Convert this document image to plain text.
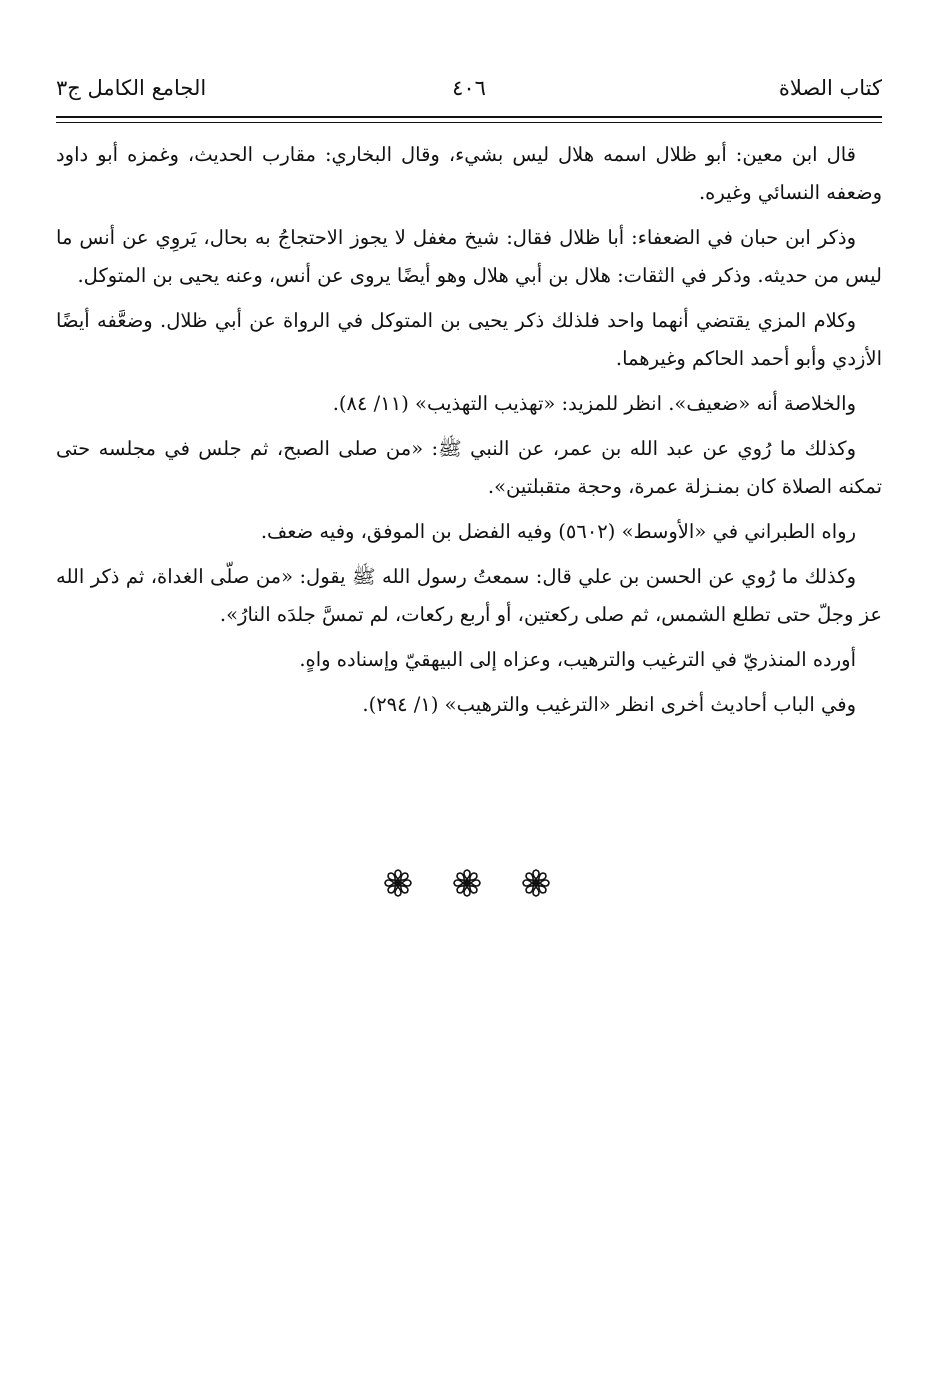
كتاب الصلاة
٤٠٦
الجامع الكامل ج٣

قال ابن معين: أبو ظلال اسمه هلال ليس بشيء، وقال البخاري: مقارب الحديث، وغمزه أبو داود وضعفه النسائي وغيره.

وذكر ابن حبان في الضعفاء: أبا ظلال فقال: شيخ مغفل لا يجوز الاحتجاجُ به بحال، يَروِي عن أنس ما ليس من حديثه. وذكر في الثقات: هلال بن أبي هلال وهو أيضًا يروى عن أنس، وعنه يحيى بن المتوكل.

وكلام المزي يقتضي أنهما واحد فلذلك ذكر يحيى بن المتوكل في الرواة عن أبي ظلال. وضعَّفه أيضًا الأزدي وأبو أحمد الحاكم وغيرهما.

والخلاصة أنه «ضعيف». انظر للمزيد: «تهذيب التهذيب» (١١/ ٨٤).

وكذلك ما رُوي عن عبد الله بن عمر، عن النبي ﷺ: «من صلى الصبح، ثم جلس في مجلسه حتى تمكنه الصلاة كان بمنـزلة عمرة، وحجة متقبلتين».

رواه الطبراني في «الأوسط» (٥٦٠٢) وفيه الفضل بن الموفق، وفيه ضعف.

وكذلك ما رُوي عن الحسن بن علي قال: سمعتُ رسول الله ﷺ يقول: «من صلّى الغداة، ثم ذكر الله عز وجلّ حتى تطلع الشمس، ثم صلى ركعتين، أو أربع ركعات، لم تمسَّ جلدَه النارُ».

أورده المنذريّ في الترغيب والترهيب، وعزاه إلى البيهقيّ وإسناده واهٍ.

وفي الباب أحاديث أخرى انظر «الترغيب والترهيب» (١/ ٢٩٤).
